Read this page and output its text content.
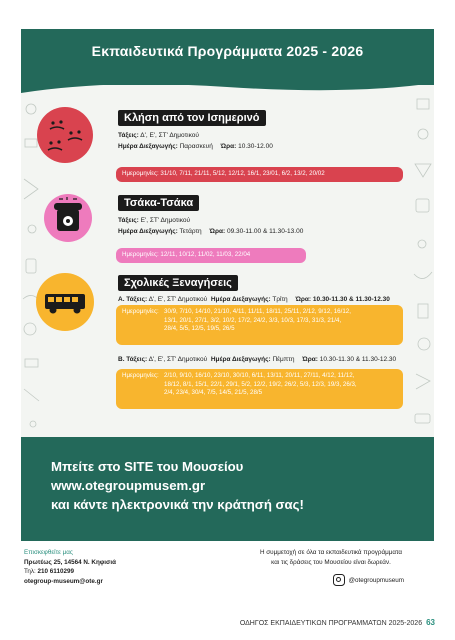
Εκπαιδευτικά Προγράμματα 2025 - 2026
Κλήση από τον Ισημερινό
Τάξεις: Δ', Ε', ΣΤ' Δημοτικού
Ημέρα Διεξαγωγής: Παρασκευή Ώρα: 10.30-12.00
Ημερομηνίες: 31/10, 7/11, 21/11, 5/12, 12/12, 16/1, 23/01, 6/2, 13/2, 20/02
Τσάκα-Τσάκα
Τάξεις: Ε', ΣΤ' Δημοτικού
Ημέρα Διεξαγωγής: Τετάρτη Ώρα: 09.30-11.00 & 11.30-13.00
Ημερομηνίες: 12/11, 10/12, 11/02, 11/03, 22/04
Σχολικές Ξεναγήσεις
Α. Τάξεις: Δ', Ε', ΣΤ' Δημοτικού Ημέρα Διεξαγωγής: Τρίτη Ώρα: 10.30-11.30 & 11.30-12.30
Ημερομηνίες: 30/9, 7/10, 14/10, 21/10, 4/11, 11/11, 18/11, 25/11, 2/12, 9/12, 16/12,
13/1, 20/1, 27/1, 3/2, 10/2, 17/2, 24/2, 3/3, 10/3, 17/3, 31/3, 21/4,
28/4, 5/5, 12/5, 19/5, 26/5
Β. Τάξεις: Δ', Ε', ΣΤ' Δημοτικού Ημέρα Διεξαγωγής: Πέμπτη Ώρα: 10.30-11.30 & 11.30-12.30
Ημερομηνίες: 2/10, 9/10, 16/10, 23/10, 30/10, 6/11, 13/11, 20/11, 27/11, 4/12, 11/12,
18/12, 8/1, 15/1, 22/1, 29/1, 5/2, 12/2, 19/2, 26/2, 5/3, 12/3, 19/3, 26/3,
2/4, 23/4, 30/4, 7/5, 14/5, 21/5, 28/5
Μπείτε στο SITE του Μουσείου
www.otegroupmusem.gr
και κάντε ηλεκτρονικά την κράτησή σας!
Επισκεφθείτε μας
Πρωτέως 25, 14564 Ν. Κηφισιά
Τηλ: 210 6110299
otegroup-museum@ote.gr
Η συμμετοχή σε όλα τα εκπαιδευτικά προγράμματα
και τις δράσεις του Μουσείου είναι δωρεάν.
@otegroupmuseum
ΟΔΗΓΟΣ ΕΚΠΑΙΔΕΥΤΙΚΩΝ ΠΡΟΓΡΑΜΜΑΤΩΝ 2025-2026 63
